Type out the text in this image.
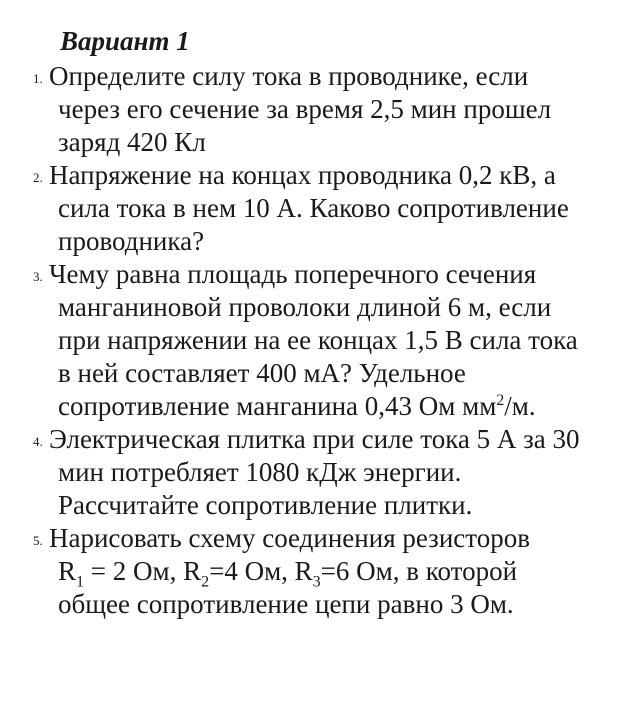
Вариант 1
1. Определите силу тока в проводнике, если
через его сечение за время 2,5 мин прошел
заряд 420 Кл
2. Напряжение на концах проводника 0,2 кВ, а
сила тока в нем 10 А. Каково сопротивление
проводника?
3. Чему равна площадь поперечного сечения
манганиновой проволоки длиной 6 м, если
при напряжении на ее концах 1,5 В сила тока
в ней составляет 400 мА? Удельное
сопротивление манганина 0,43 Ом $мм^2/м$.
4. Электрическая плитка при силе тока 5 А за 30
мин потребляет 1080 кДж энергии.
Рассчитайте сопротивление плитки.
5. Нарисовать схему соединения резисторов
$R_1 = 2$ Ом, $R_2=4$ Ом, $R_3=6$ Ом, в которой
общее сопротивление цепи равно 3 Ом.
